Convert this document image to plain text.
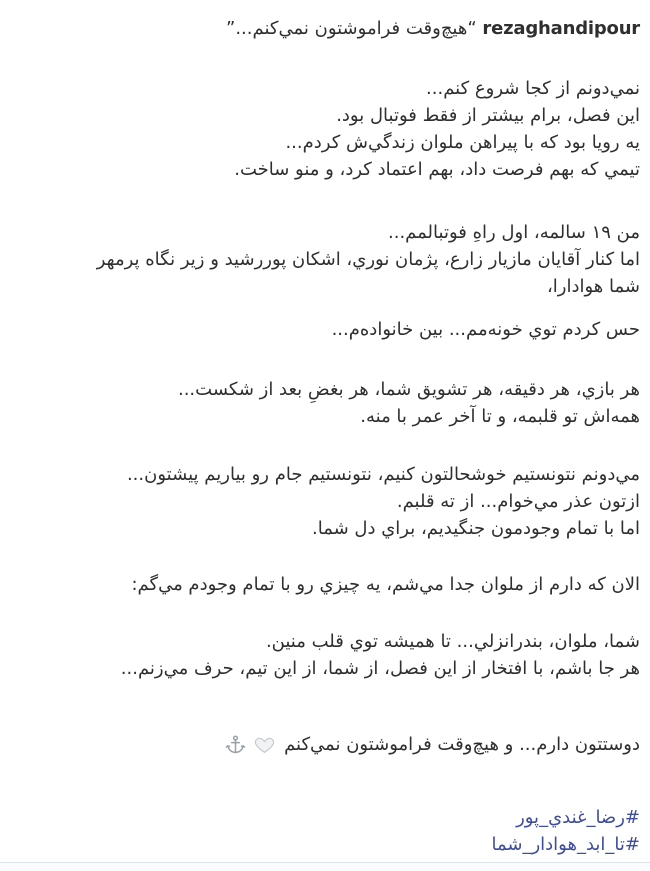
rezaghandipour “هيچ‌وقت فراموشتون نمي‌كنم...”
نمي‌دونم از كجا شروع كنم...
اين فصل، برام بيشتر از فقط فوتبال بود.
يه رويا بود كه با پيراهن ملوان زندگي‌ش كردم...
تيمي كه بهم فرصت داد، بهم اعتماد كرد، و منو ساخت.
من ۱۹ سالمه، اول راهِ فوتبالمم...
اما كنار آقايان مازيار زارع، پژمان نوري، اشكان پوررشيد و زير نگاه پرمهر
شما هوادارا،
حس كردم توي خونه‌مم... بين خانواده‌م...
هر بازي، هر دقيقه، هر تشويق شما، هر بغضِ بعد از شكست...
همه‌اش تو قلبمه، و تا آخر عمر با منه.
مي‌دونم نتونستيم خوشحالتون كنيم، نتونستيم جام رو بياريم پيشتون...
ازتون عذر مي‌خوام... از ته قلبم.
اما با تمام وجودمون جنگيديم، براي دل شما.
الان كه دارم از ملوان جدا مي‌شم، يه چيزي رو با تمام وجودم مي‌گم:
شما، ملوان، بندرانزلي... تا هميشه توي قلب منين.
هر جا باشم، با افتخار از اين فصل، از شما، از اين تيم، حرف مي‌زنم...
دوستتون دارم... و هيچ‌وقت فراموشتون نمي‌كنم
#رضا_غندي_پور
#تا_ابد_هوادار_شما
